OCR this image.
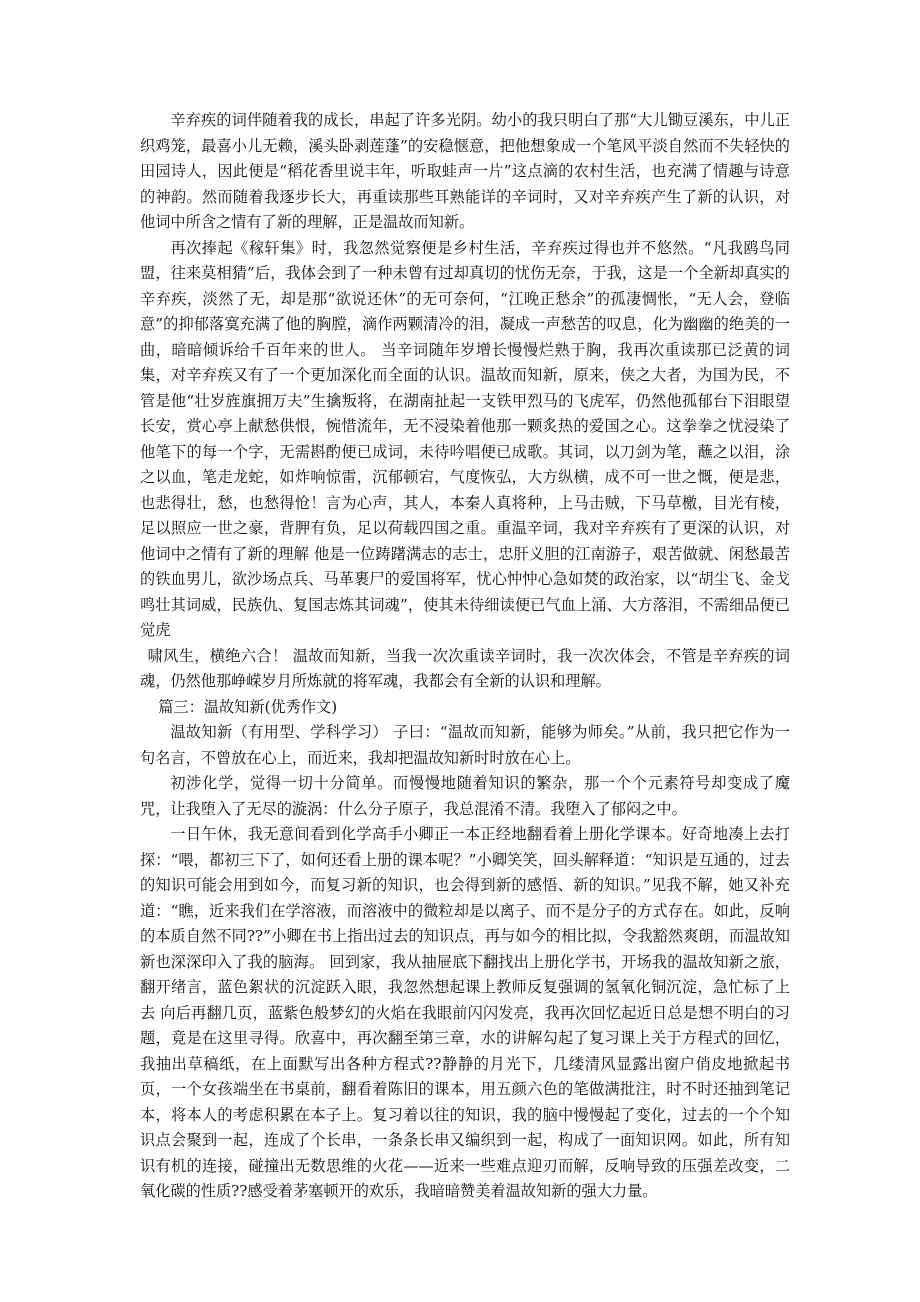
辛弃疾的词伴随着我的成长，串起了许多光阴。幼小的我只明白了那“大儿锄豆溪东，中儿正织鸡笼，最喜小儿无赖，溪头卧剥莲蓬”的安稳惬意，把他想象成一个笔风平淡自然而不失轻快的田园诗人，因此便是“稻花香里说丰年，听取蛙声一片”这点滴的农村生活，也充满了情趣与诗意的神韵。然而随着我逐步长大，再重读那些耳熟能详的辛词时，又对辛弃疾产生了新的认识，对他词中所含之情有了新的理解，正是温故而知新。

再次捧起《稼轩集》时，我忽然觉察便是乡村生活，辛弃疾过得也并不悠然。“凡我鸥鸟同盟，往来莫相猜”后，我体会到了一种未曾有过却真切的忧伤无奈，于我，这是一个全新却真实的辛弃疾，淡然了无，却是那“欲说还休”的无可奈何，“江晚正愁余”的孤凄惆怅，“无人会，登临意”的抑郁落寞充满了他的胸膛，滴作两颗清冷的泪，凝成一声愁苦的叹息，化为幽幽的绝美的一曲，暗暗倾诉给千百年来的世人。 当辛词随年岁增长慢慢烂熟于胸，我再次重读那已泛黄的词集，对辛弃疾又有了一个更加深化而全面的认识。温故而知新，原来，侠之大者，为国为民，不管是他“壮岁旌旗拥万夫”生擒叛将，在湖南扯起一支铁甲烈马的飞虎军，仍然他孤郁台下泪眼望长安，赏心亭上献愁供恨，惋惜流年，无不浸染着他那一颗炙热的爱国之心。这拳拳之忧浸染了他笔下的每一个字，无需斟酌便已成词，未待吟唱便已成歌。其词，以刀剑为笔，蘸之以泪，涂之以血，笔走龙蛇，如炸响惊雷，沉郁顿宕，气度恢弘，大方纵横，成不可一世之慨，便是悲，也悲得壮，愁，也愁得怆！言为心声，其人，本秦人真将种，上马击贼，下马草檄，目光有棱，足以照应一世之豪，背胛有负，足以荷载四国之重。重温辛词，我对辛弃疾有了更深的认识，对他词中之情有了新的理解 他是一位踌躇满志的志士，忠肝义胆的江南游子，艰苦做就、闲愁最苦的铁血男儿，欲沙场点兵、马革裹尸的爱国将军，忧心忡忡心急如焚的政治家，以“胡尘飞、金戈鸣壮其词威，民族仇、复国志炼其词魂”，使其未待细读便已气血上涌、大方落泪，不需细品便已觉虎

啸风生，横绝六合！ 温故而知新，当我一次次重读辛词时，我一次次体会，不管是辛弃疾的词魂，仍然他那峥嵘岁月所炼就的将军魂，我都会有全新的认识和理解。

篇三：温故知新(优秀作文)

温故知新（有用型、学科学习） 子曰：“温故而知新，能够为师矣。”从前，我只把它作为一句名言，不曾放在心上，而近来，我却把温故知新时时放在心上。

初涉化学，觉得一切十分简单。而慢慢地随着知识的繁杂，那一个个元素符号却变成了魔咒，让我堕入了无尽的漩涡：什么分子原子，我总混淆不清。我堕入了郁闷之中。

一日午休，我无意间看到化学高手小卿正一本正经地翻看着上册化学课本。好奇地凑上去打探：“喂，都初三下了，如何还看上册的课本呢？”小卿笑笑，回头解释道：“知识是互通的，过去的知识可能会用到如今，而复习新的知识，也会得到新的感悟、新的知识。”见我不解，她又补充道：“瞧，近来我们在学溶液，而溶液中的微粒却是以离子、而不是分子的方式存在。如此，反响的本质自然不同??”小卿在书上指出过去的知识点，再与如今的相比拟，令我豁然爽朗，而温故知新也深深印入了我的脑海。 回到家，我从抽屉底下翻找出上册化学书，开场我的温故知新之旅，翻开绪言，蓝色絮状的沉淀跃入眼，我忽然想起课上教师反复强调的氢氧化铜沉淀，急忙标了上去 向后再翻几页，蓝紫色般梦幻的火焰在我眼前闪闪发亮，我再次回忆起近日总是想不明白的习题，竟是在这里寻得。欣喜中，再次翻至第三章，水的讲解勾起了复习课上关于方程式的回忆，我抽出草稿纸，在上面默写出各种方程式??静静的月光下，几缕清风显露出窗户俏皮地掀起书页，一个女孩端坐在书桌前，翻看着陈旧的课本，用五颜六色的笔做满批注，时不时还抽到笔记本，将本人的考虑积累在本子上。复习着以往的知识，我的脑中慢慢起了变化，过去的一个个知识点会聚到一起，连成了个长串，一条条长串又编织到一起，构成了一面知识网。如此，所有知识有机的连接，碰撞出无数思维的火花——近来一些难点迎刃而解，反响导致的压强差改变，二氧化碳的性质??感受着茅塞顿开的欢乐，我暗暗赞美着温故知新的强大力量。
